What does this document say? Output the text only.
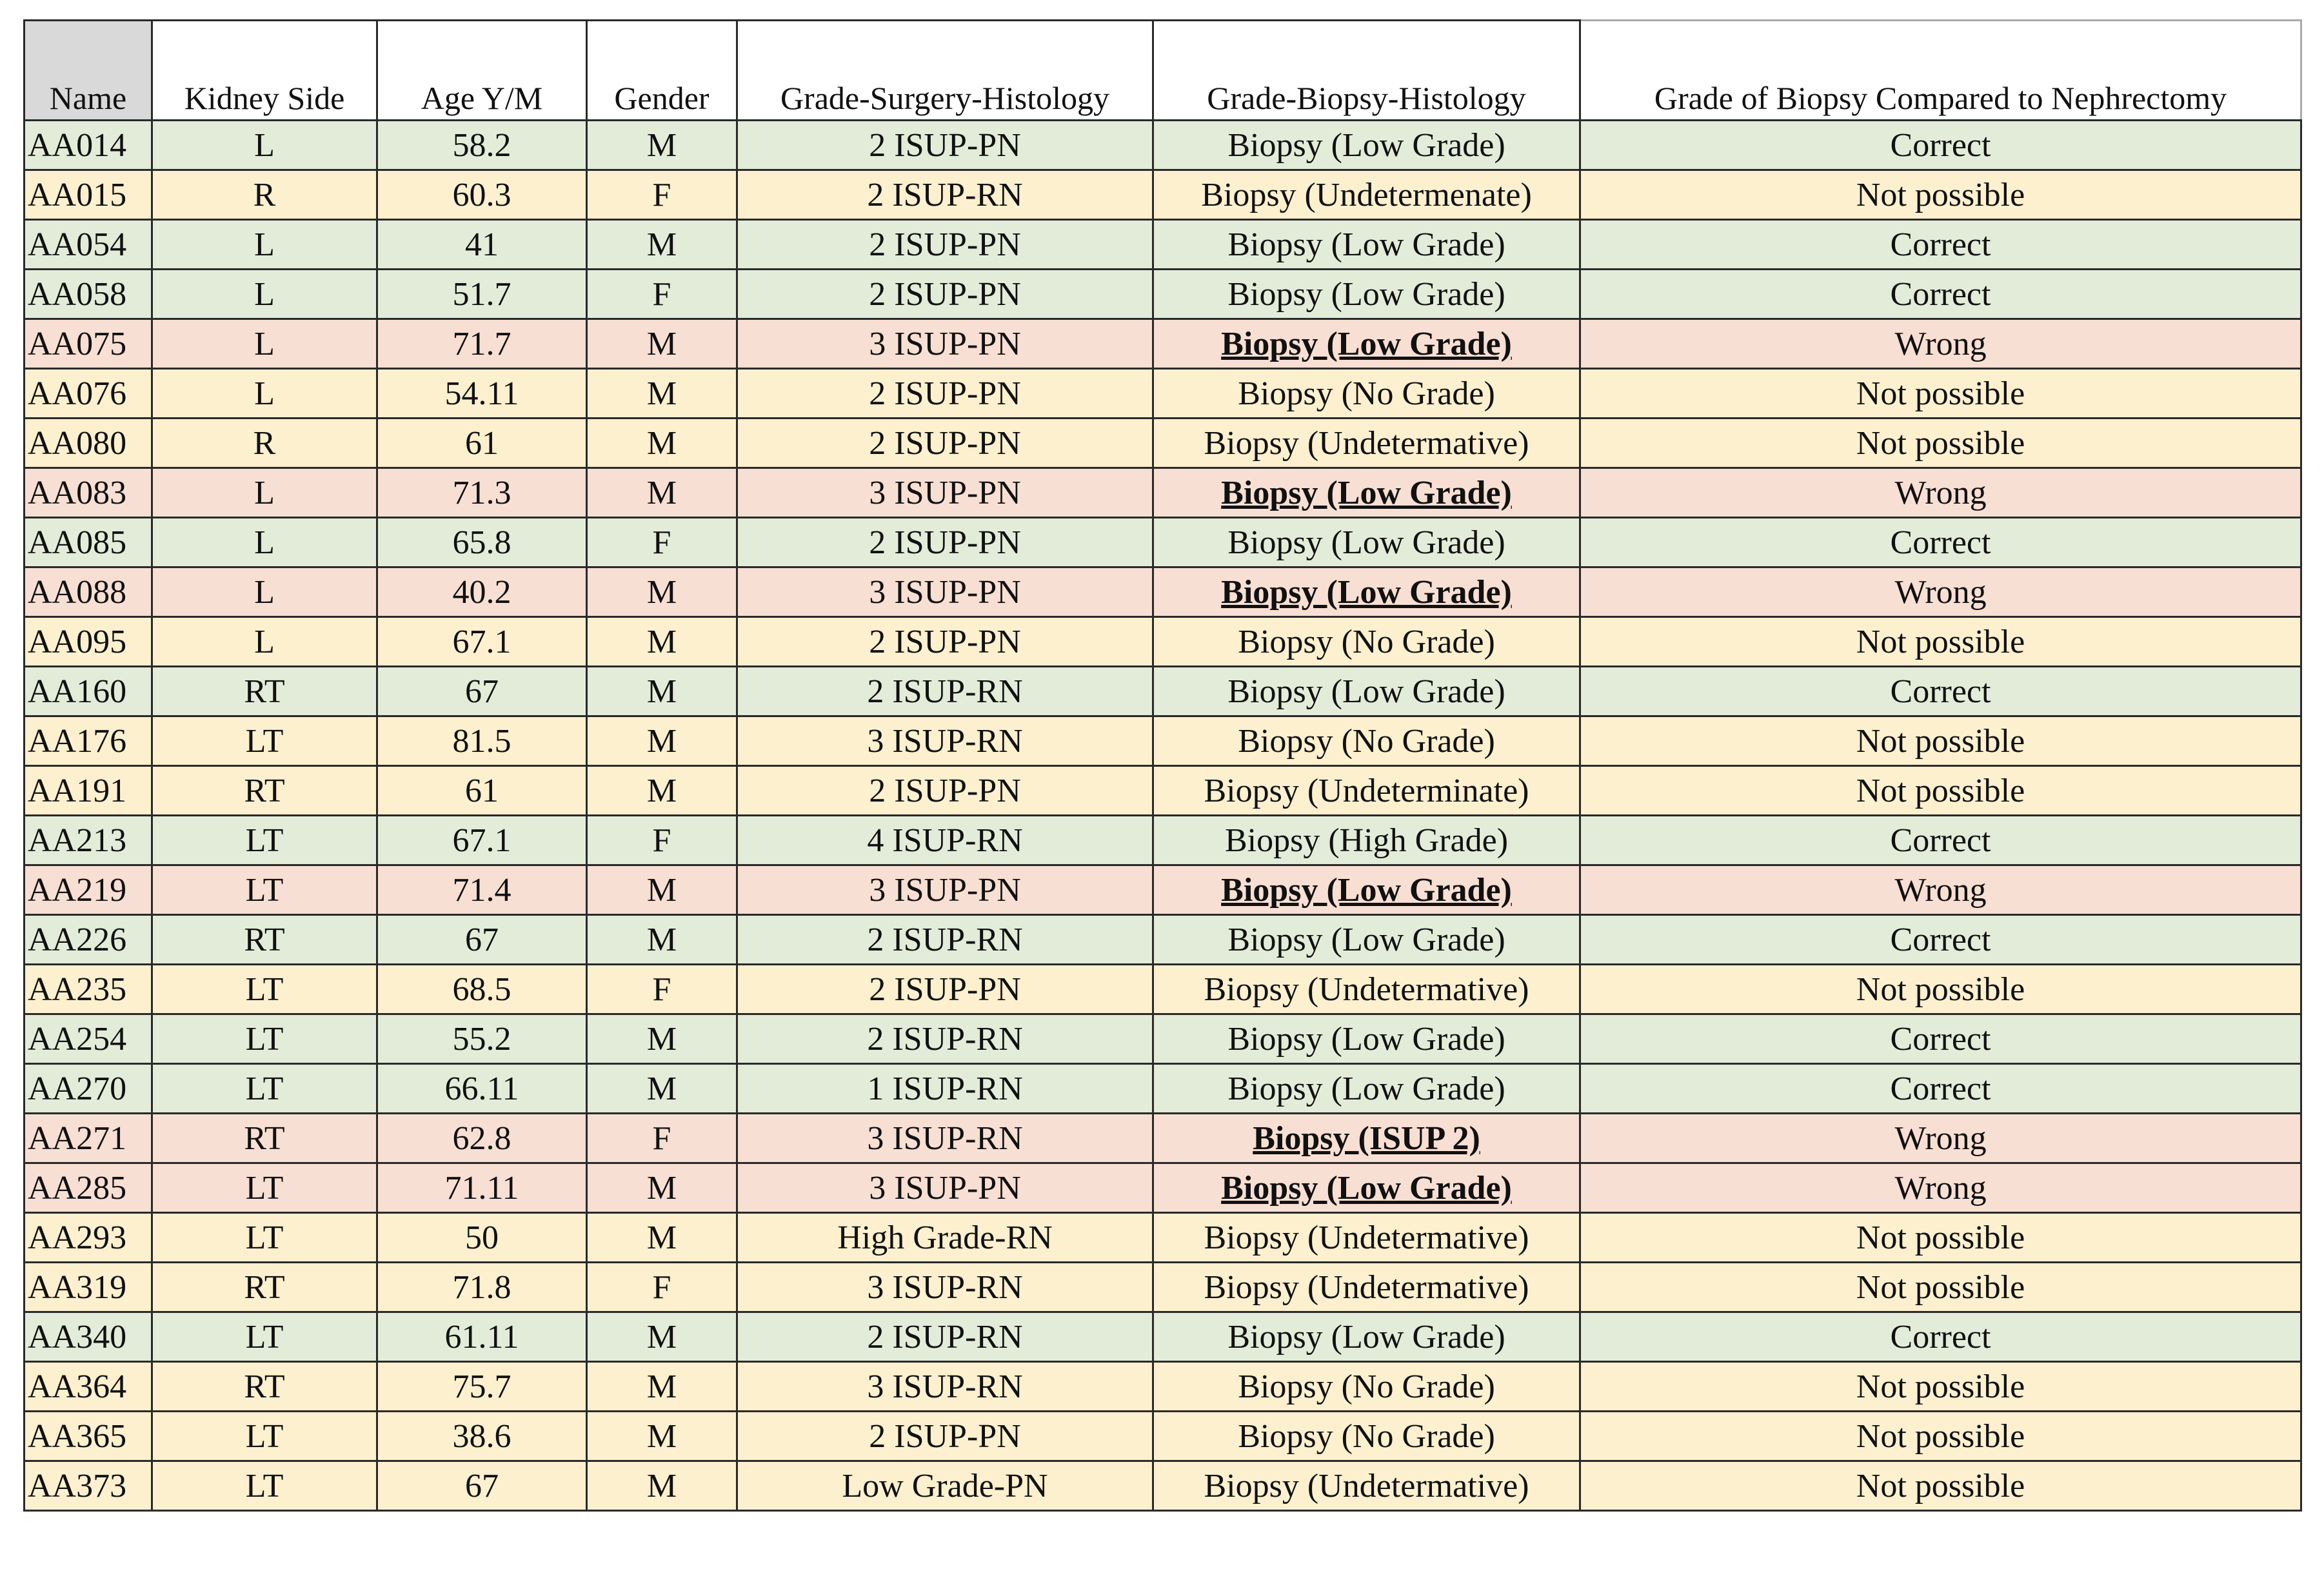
Name	Kidney Side	Age Y/M	Gender	Grade-Surgery-Histology	Grade-Biopsy-Histology	Grade of Biopsy Compared to Nephrectomy
AA014	L	58.2	M	2 ISUP-PN	Biopsy (Low Grade)	Correct
AA015	R	60.3	F	2 ISUP-RN	Biopsy (Undetermenate)	Not possible
AA054	L	41	M	2 ISUP-PN	Biopsy (Low Grade)	Correct
AA058	L	51.7	F	2 ISUP-PN	Biopsy (Low Grade)	Correct
AA075	L	71.7	M	3 ISUP-PN	Biopsy (Low Grade)	Wrong
AA076	L	54.11	M	2 ISUP-PN	Biopsy (No Grade)	Not possible
AA080	R	61	M	2 ISUP-PN	Biopsy (Undetermative)	Not possible
AA083	L	71.3	M	3 ISUP-PN	Biopsy (Low Grade)	Wrong
AA085	L	65.8	F	2 ISUP-PN	Biopsy (Low Grade)	Correct
AA088	L	40.2	M	3 ISUP-PN	Biopsy (Low Grade)	Wrong
AA095	L	67.1	M	2 ISUP-PN	Biopsy (No Grade)	Not possible
AA160	RT	67	M	2 ISUP-RN	Biopsy (Low Grade)	Correct
AA176	LT	81.5	M	3 ISUP-RN	Biopsy (No Grade)	Not possible
AA191	RT	61	M	2 ISUP-PN	Biopsy (Undeterminate)	Not possible
AA213	LT	67.1	F	4 ISUP-RN	Biopsy (High Grade)	Correct
AA219	LT	71.4	M	3 ISUP-PN	Biopsy (Low Grade)	Wrong
AA226	RT	67	M	2 ISUP-RN	Biopsy (Low Grade)	Correct
AA235	LT	68.5	F	2 ISUP-PN	Biopsy (Undetermative)	Not possible
AA254	LT	55.2	M	2 ISUP-RN	Biopsy (Low Grade)	Correct
AA270	LT	66.11	M	1 ISUP-RN	Biopsy (Low Grade)	Correct
AA271	RT	62.8	F	3 ISUP-RN	Biopsy (ISUP 2)	Wrong
AA285	LT	71.11	M	3 ISUP-PN	Biopsy (Low Grade)	Wrong
AA293	LT	50	M	High Grade-RN	Biopsy (Undetermative)	Not possible
AA319	RT	71.8	F	3 ISUP-RN	Biopsy (Undetermative)	Not possible
AA340	LT	61.11	M	2 ISUP-RN	Biopsy (Low Grade)	Correct
AA364	RT	75.7	M	3 ISUP-RN	Biopsy (No Grade)	Not possible
AA365	LT	38.6	M	2 ISUP-PN	Biopsy (No Grade)	Not possible
AA373	LT	67	M	Low Grade-PN	Biopsy (Undetermative)	Not possible
